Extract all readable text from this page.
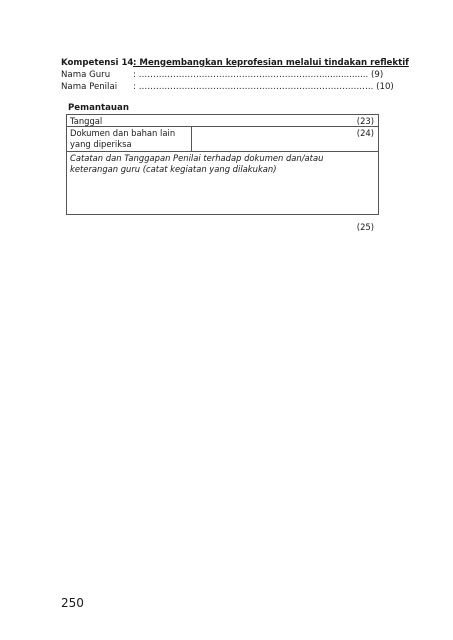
Kompetensi 14 : Mengembangkan keprofesian melalui tindakan reflektif
Nama Guru	: ……………………………………………………….................. (9)
Nama Penilai : ………………………………………………………………………. (10)
Pemantauan
Tanggal	(23)
Dokumen dan bahan lain yang diperiksa
(24)
Catatan dan Tanggapan Penilai terhadap dokumen dan/atau keterangan guru (catat kegiatan yang dilakukan)
(25)
250
